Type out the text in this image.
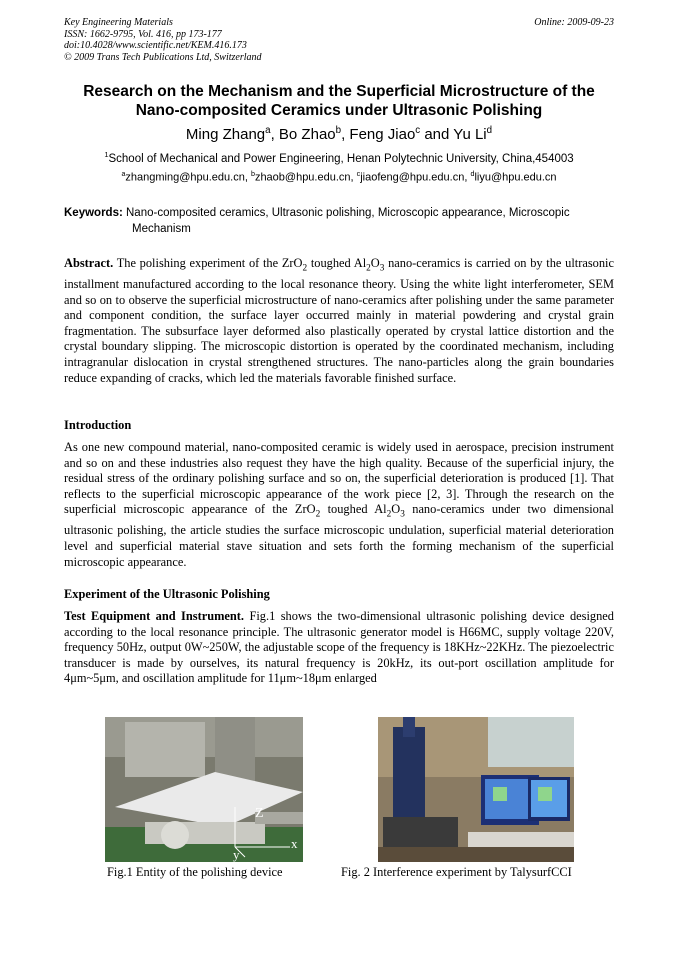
Key Engineering Materials
ISSN: 1662-9795, Vol. 416, pp 173-177
doi:10.4028/www.scientific.net/KEM.416.173
© 2009 Trans Tech Publications Ltd, Switzerland
Online: 2009-09-23
Research on the Mechanism and the Superficial Microstructure of the
Nano-composited Ceramics under Ultrasonic Polishing
Ming Zhang$^a$, Bo Zhao$^b$, Feng Jiao$^c$ and Yu Li$^d$
$^1$School of Mechanical and Power Engineering, Henan Polytechnic University, China,454003
$^a$zhangming@hpu.edu.cn, $^b$zhaob@hpu.edu.cn, $^c$jiaofeng@hpu.edu.cn, $^d$liyu@hpu.edu.cn
Keywords: Nano-composited ceramics, Ultrasonic polishing, Microscopic appearance, Microscopic
Mechanism
Abstract. The polishing experiment of the ZrO$_2$ toughed $Al_2O_3$ nano-ceramics is carried on by the ultrasonic installment manufactured according to the local resonance theory. Using the white light interferometer, SEM and so on to observe the superficial microstructure of nano-ceramics after polishing under the same parameter and component condition, the surface layer occurred mainly in material powdering and crystal grain fragmentation. The subsurface layer deformed also plastically operated by crystal lattice distortion and the crystal boundary slipping. The microscopic distortion is operated by the coordinated mechanism, including intragranular dislocation in crystal strengthened structures. The nano-particles along the grain boundaries reduce expanding of cracks, which led the materials favorable finished surface.
Introduction
As one new compound material, nano-composited ceramic is widely used in aerospace, precision instrument and so on and these industries also request they have the high quality. Because of the superficial injury, the residual stress of the ordinary polishing surface and so on, the superficial deterioration is produced [1]. That reflects to the superficial microscopic appearance of the work piece [2, 3]. Through the research on the superficial microscopic appearance of the ZrO$_2$ toughed $Al_2O_3$ nano-ceramics under two dimensional ultrasonic polishing, the article studies the surface microscopic undulation, superficial material deterioration level and superficial material stave situation and sets forth the forming mechanism of the superficial microscopic appearance.
Experiment of the Ultrasonic Polishing
Test Equipment and Instrument. Fig.1 shows the two-dimensional ultrasonic polishing device designed according to the local resonance principle. The ultrasonic generator model is H66MC, supply voltage 220V, frequency 50Hz, output 0W~250W, the adjustable scope of the frequency is 18KHz~22KHz. The piezoelectric transducer is made by ourselves, its natural frequency is 20kHz, its out-port oscillation amplitude for 4μm~5μm, and oscillation amplitude for 11μm~18μm enlarged
Z
x
y
Fig.1 Entity of the polishing device	Fig. 2 Interference experiment by TalysurfCCI
